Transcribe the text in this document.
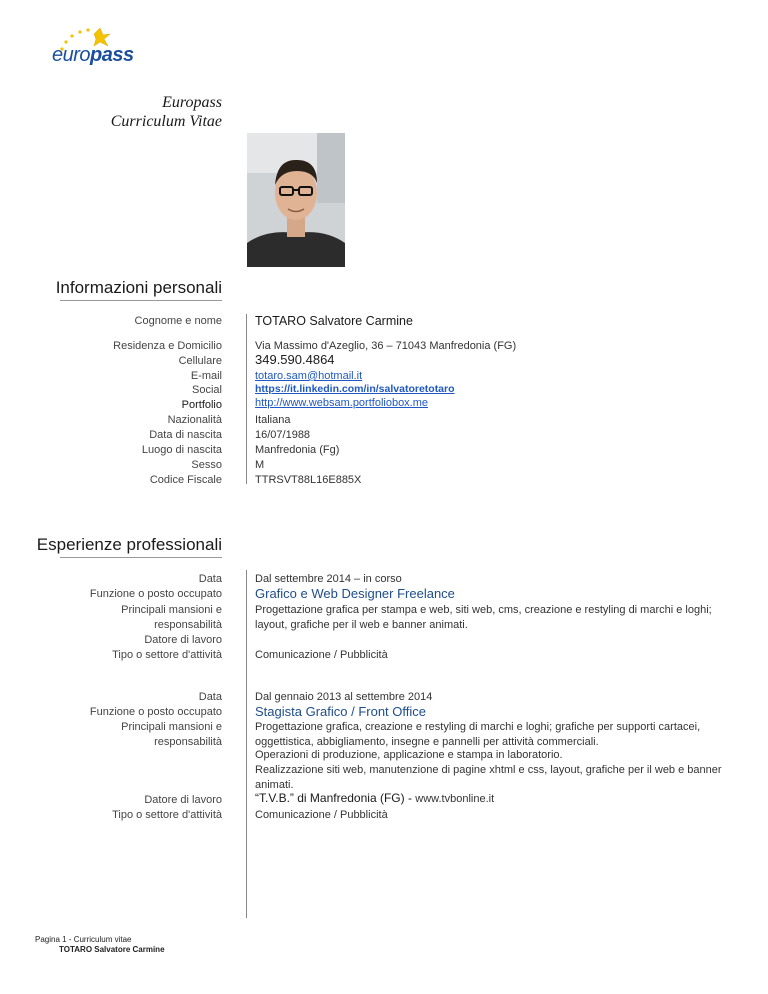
europass
Europass
Curriculum Vitae
Informazioni personali
Cognome e nome	TOTARO Salvatore Carmine
Residenza e Domicilio
Cellulare
E-mail
Social
Portfolio
Nazionalità
Data di nascita
Luogo di nascita
Sesso
Codice Fiscale
Via Massimo d'Azeglio, 36 – 71043 Manfredonia (FG)
349.590.4864
totaro.sam@hotmail.it
https://it.linkedin.com/in/salvatoretotaro
http://www.websam.portfoliobox.me
Italiana
16/07/1988
Manfredonia (Fg)
M
TTRSVT88L16E885X
Esperienze professionali
Data
Funzione o posto occupato
Principali mansioni e
responsabilità
Datore di lavoro
Tipo o settore d'attività
Dal settembre 2014 – in corso
Grafico e Web Designer Freelance
Progettazione grafica per stampa e web, siti web, cms, creazione e restyling di marchi e loghi; layout, grafiche per il web e banner animati.
Comunicazione / Pubblicità
Data
Funzione o posto occupato
Principali mansioni e
responsabilità
Datore di lavoro
Tipo o settore d'attività
Dal gennaio 2013 al settembre 2014
Stagista Grafico / Front Office
Progettazione grafica, creazione e restyling di marchi e loghi; grafiche per supporti cartacei, oggettistica, abbigliamento, insegne e pannelli per attività commerciali.
Operazioni di produzione, applicazione e stampa in laboratorio.
Realizzazione siti web, manutenzione di pagine xhtml e css, layout, grafiche per il web e banner animati.
“T.V.B.” di Manfredonia (FG) - www.tvbonline.it
Comunicazione / Pubblicità
Pagina 1 - Curriculum vitae
TOTARO Salvatore Carmine
